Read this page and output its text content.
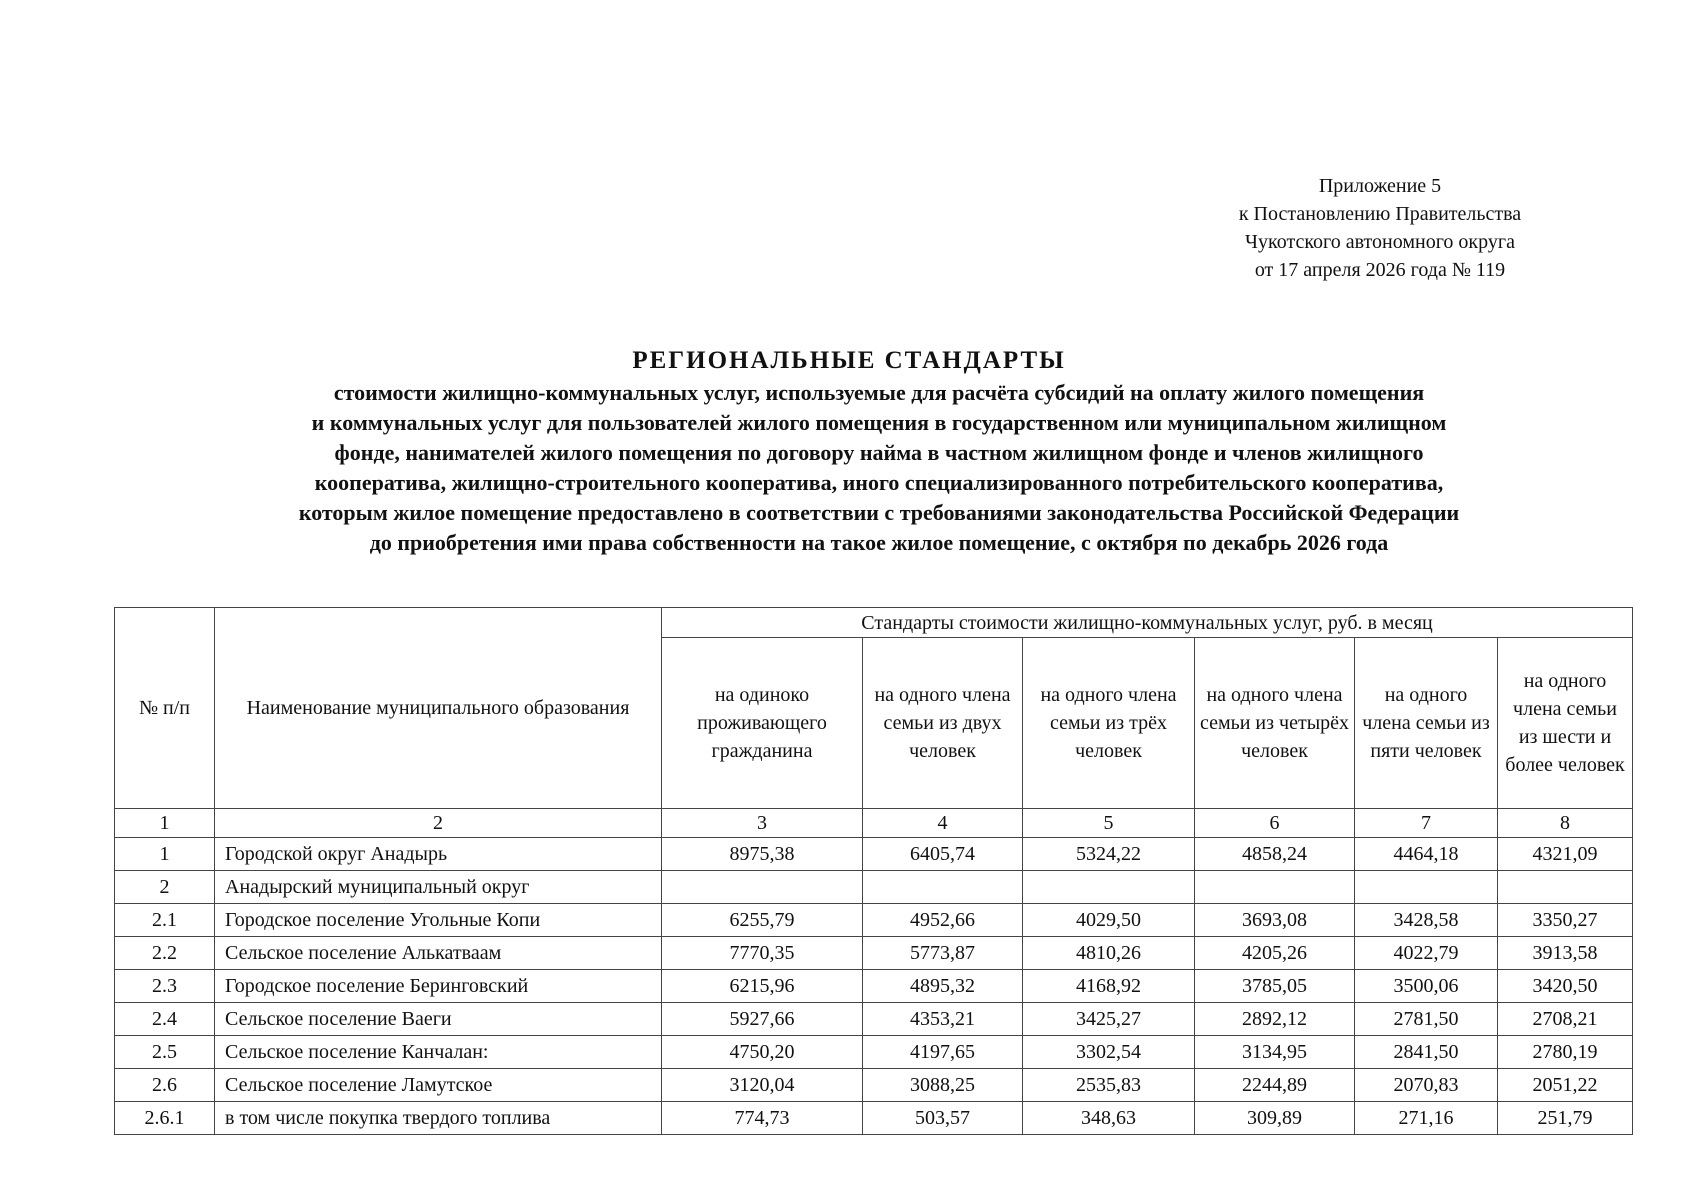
Приложение 5
к Постановлению Правительства
Чукотского автономного округа
от 17 апреля 2026 года № 119
РЕГИОНАЛЬНЫЕ СТАНДАРТЫ
стоимости жилищно-коммунальных услуг, используемые для расчёта субсидий на оплату жилого помещения
и коммунальных услуг для пользователей жилого помещения в государственном или муниципальном жилищном
фонде, нанимателей жилого помещения по договору найма в частном жилищном фонде и членов жилищного
кооператива, жилищно-строительного кооператива, иного специализированного потребительского кооператива,
которым жилое помещение предоставлено в соответствии с требованиями законодательства Российской Федерации
до приобретения ими права собственности на такое жилое помещение, с октября по декабрь 2026 года
№ п/п	Наименование муниципального образования	Стандарты стоимости жилищно-коммунальных услуг, руб. в месяц					
		на одиноко проживающего гражданина	на одного члена семьи из двух человек	на одного члена семьи из трёх человек	на одного члена семьи из четырёх человек	на одного члена семьи из пяти человек	на одного члена семьи из шести и более человек
1	2	3	4	5	6	7	8
1	Городской округ Анадырь	8975,38	6405,74	5324,22	4858,24	4464,18	4321,09
2	Анадырский муниципальный округ						
2.1	Городское поселение Угольные Копи	6255,79	4952,66	4029,50	3693,08	3428,58	3350,27
2.2	Сельское поселение Алькатваам	7770,35	5773,87	4810,26	4205,26	4022,79	3913,58
2.3	Городское поселение Беринговский	6215,96	4895,32	4168,92	3785,05	3500,06	3420,50
2.4	Сельское поселение Ваеги	5927,66	4353,21	3425,27	2892,12	2781,50	2708,21
2.5	Сельское поселение Канчалан:	4750,20	4197,65	3302,54	3134,95	2841,50	2780,19
2.6	Сельское поселение Ламутское	3120,04	3088,25	2535,83	2244,89	2070,83	2051,22
2.6.1	в том числе покупка твердого топлива	774,73	503,57	348,63	309,89	271,16	251,79
